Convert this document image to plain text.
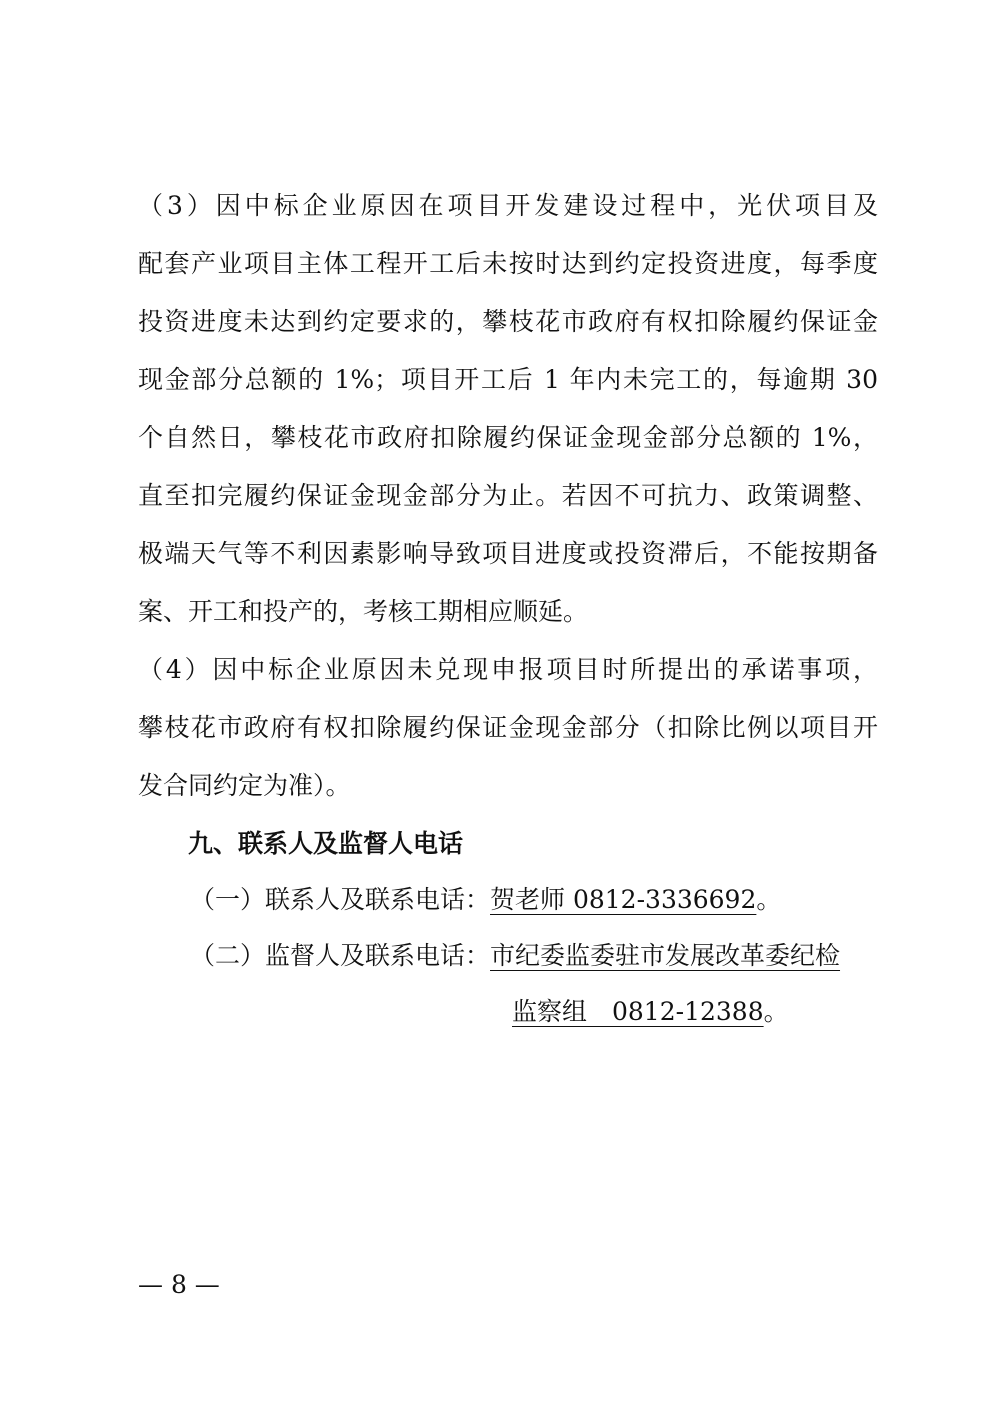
（3）因中标企业原因在项目开发建设过程中，光伏项目及
配套产业项目主体工程开工后未按时达到约定投资进度，每季度
投资进度未达到约定要求的，攀枝花市政府有权扣除履约保证金
现金部分总额的 1%；项目开工后 1 年内未完工的，每逾期 30
个自然日，攀枝花市政府扣除履约保证金现金部分总额的 1%，
直至扣完履约保证金现金部分为止。若因不可抗力、政策调整、
极端天气等不利因素影响导致项目进度或投资滞后，不能按期备
案、开工和投产的，考核工期相应顺延。
（4）因中标企业原因未兑现申报项目时所提出的承诺事项，
攀枝花市政府有权扣除履约保证金现金部分（扣除比例以项目开
发合同约定为准）。
九、联系人及监督人电话
（一）联系人及联系电话：贺老师 0812-3336692。
（二）监督人及联系电话：市纪委监委驻市发展改革委纪检
监察组　0812-12388。
— 8 —
